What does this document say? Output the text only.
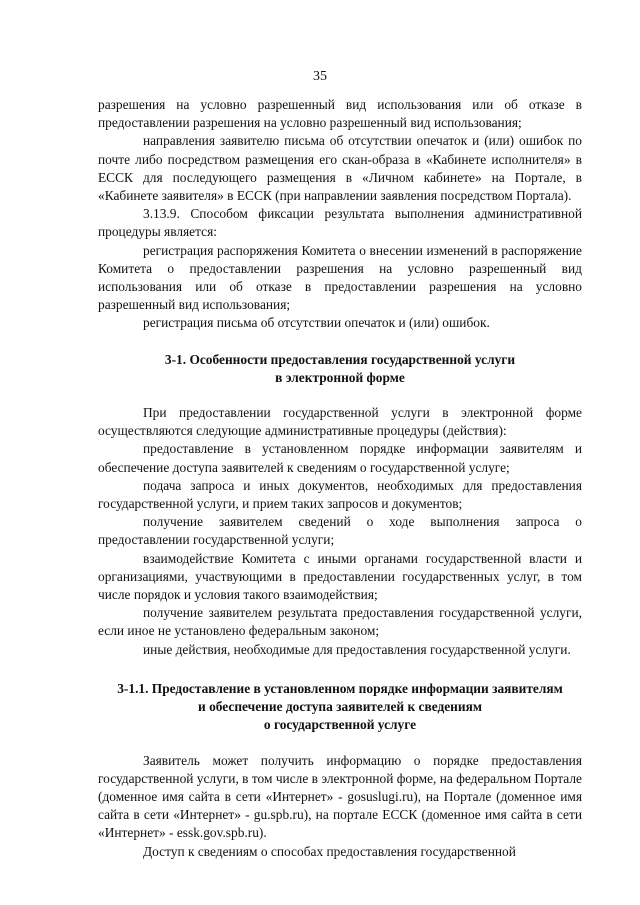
35

разрешения на условно разрешенный вид использования или об отказе в предоставлении разрешения на условно разрешенный вид использования;

направления заявителю письма об отсутствии опечаток и (или) ошибок по почте либо посредством размещения его скан-образа в «Кабинете исполнителя» в ЕССК для последующего размещения в «Личном кабинете» на Портале, в «Кабинете заявителя» в ЕССК (при направлении заявления посредством Портала).

3.13.9. Способом фиксации результата выполнения административной процедуры является:

регистрация распоряжения Комитета о внесении изменений в распоряжение Комитета о предоставлении разрешения на условно разрешенный вид использования или об отказе в предоставлении разрешения на условно разрешенный вид использования;

регистрация письма об отсутствии опечаток и (или) ошибок.

3-1. Особенности предоставления государственной услуги
в электронной форме

При предоставлении государственной услуги в электронной форме осуществляются следующие административные процедуры (действия):

предоставление в установленном порядке информации заявителям и обеспечение доступа заявителей к сведениям о государственной услуге;

подача запроса и иных документов, необходимых для предоставления государственной услуги, и прием таких запросов и документов;

получение заявителем сведений о ходе выполнения запроса о предоставлении государственной услуги;

взаимодействие Комитета с иными органами государственной власти и организациями, участвующими в предоставлении государственных услуг, в том числе порядок и условия такого взаимодействия;

получение заявителем результата предоставления государственной услуги, если иное не установлено федеральным законом;

иные действия, необходимые для предоставления государственной услуги.

3-1.1. Предоставление в установленном порядке информации заявителям
и обеспечение доступа заявителей к сведениям
о государственной услуге

Заявитель может получить информацию о порядке предоставления государственной услуги, в том числе в электронной форме, на федеральном Портале (доменное имя сайта в сети «Интернет» - gosuslugi.ru), на Портале (доменное имя сайта в сети «Интернет» - gu.spb.ru), на портале ЕССК (доменное имя сайта в сети «Интернет» - essk.gov.spb.ru).

Доступ к сведениям о способах предоставления государственной
